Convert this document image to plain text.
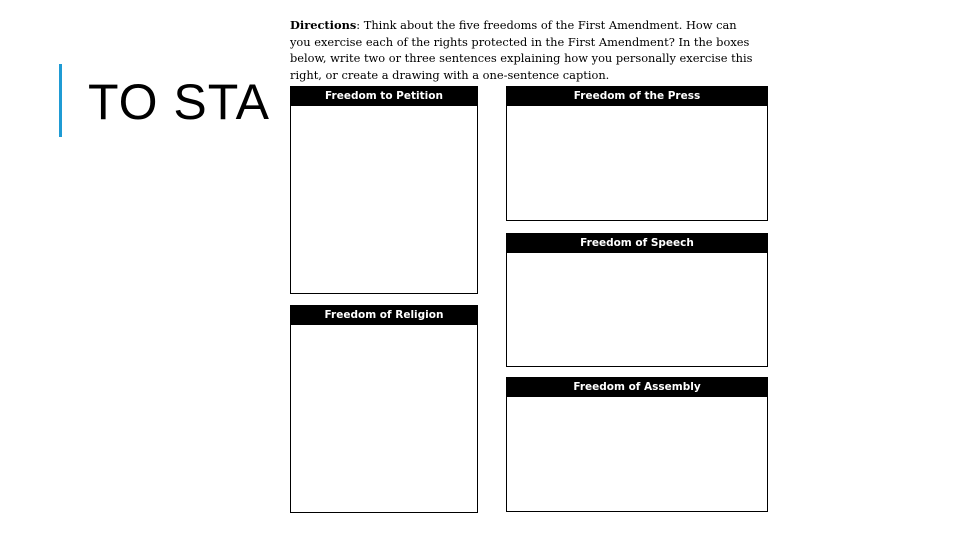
TO STA
Directions: Think about the five freedoms of the First Amendment. How can you exercise each of the rights protected in the First Amendment? In the boxes below, write two or three sentences explaining how you personally exercise this right, or create a drawing with a one-sentence caption.
Freedom to Petition
Freedom of Religion
Freedom of the Press
Freedom of Speech
Freedom of Assembly
